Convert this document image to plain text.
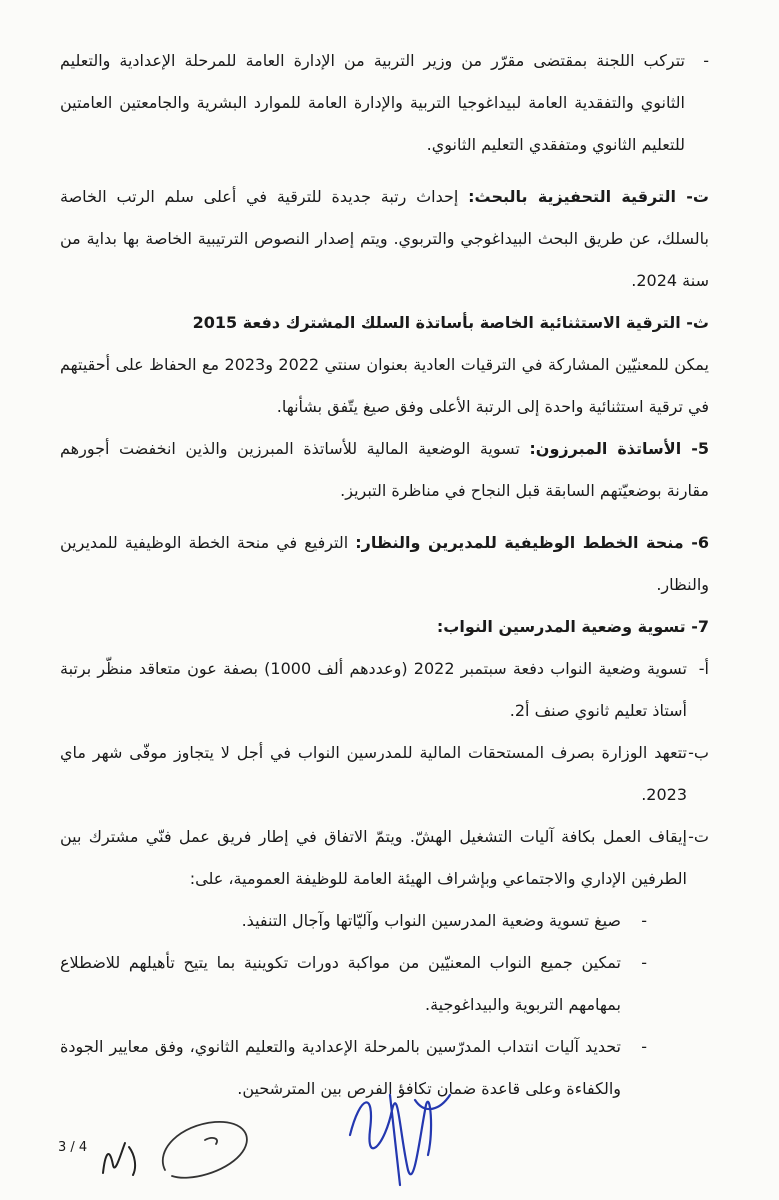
-
تتركب اللجنة بمقتضى مقرّر من وزير التربية من الإدارة العامة للمرحلة الإعدادية والتعليم الثانوي والتفقدية العامة لبيداغوجيا التربية والإدارة العامة للموارد البشرية والجامعتين العامتين للتعليم الثانوي ومتفقدي التعليم الثانوي.
ت- الترقية التحفيزية بالبحث: إحداث رتبة جديدة للترقية في أعلى سلم الرتب الخاصة بالسلك، عن طريق البحث البيداغوجي والتربوي. ويتم إصدار النصوص الترتيبية الخاصة بها بداية من سنة 2024.
ث- الترقية الاستثنائية الخاصة بأساتذة السلك المشترك دفعة 2015
يمكن للمعنيّين المشاركة في الترقيات العادية بعنوان سنتي 2022 و2023 مع الحفاظ على أحقيتهم في ترقية استثنائية واحدة إلى الرتبة الأعلى وفق صيغ يتّفق بشأنها.
5- الأساتذة المبرزون: تسوية الوضعية المالية للأساتذة المبرزين والذين انخفضت أجورهم مقارنة بوضعيّتهم السابقة قبل النجاح في مناظرة التبريز.
6- منحة الخطط الوظيفية للمديرين والنظار: الترفيع في منحة الخطة الوظيفية للمديرين والنظار.
7- تسوية وضعية المدرسين النواب:
أ-
تسوية وضعية النواب دفعة سبتمبر 2022 (وعددهم ألف 1000) بصفة عون متعاقد منظّر برتبة أستاذ تعليم ثانوي صنف أ2.
ب-
تتعهد الوزارة بصرف المستحقات المالية للمدرسين النواب في أجل لا يتجاوز موفّى شهر ماي 2023.
ت-
إيقاف العمل بكافة آليات التشغيل الهشّ. ويتمّ الاتفاق في إطار فريق عمل فنّي مشترك بين الطرفين الإداري والاجتماعي وبإشراف الهيئة العامة للوظيفة العمومية، على:
-
صيغ تسوية وضعية المدرسين النواب وآليّاتها وآجال التنفيذ.
-
تمكين جميع النواب المعنيّين من مواكبة دورات تكوينية بما يتيح تأهيلهم للاضطلاع بمهامهم التربوية والبيداغوجية.
-
تحديد آليات انتداب المدرّسين بالمرحلة الإعدادية والتعليم الثانوي، وفق معايير الجودة والكفاءة وعلى قاعدة ضمان تكافؤ الفرص بين المترشحين.
3 / 4
